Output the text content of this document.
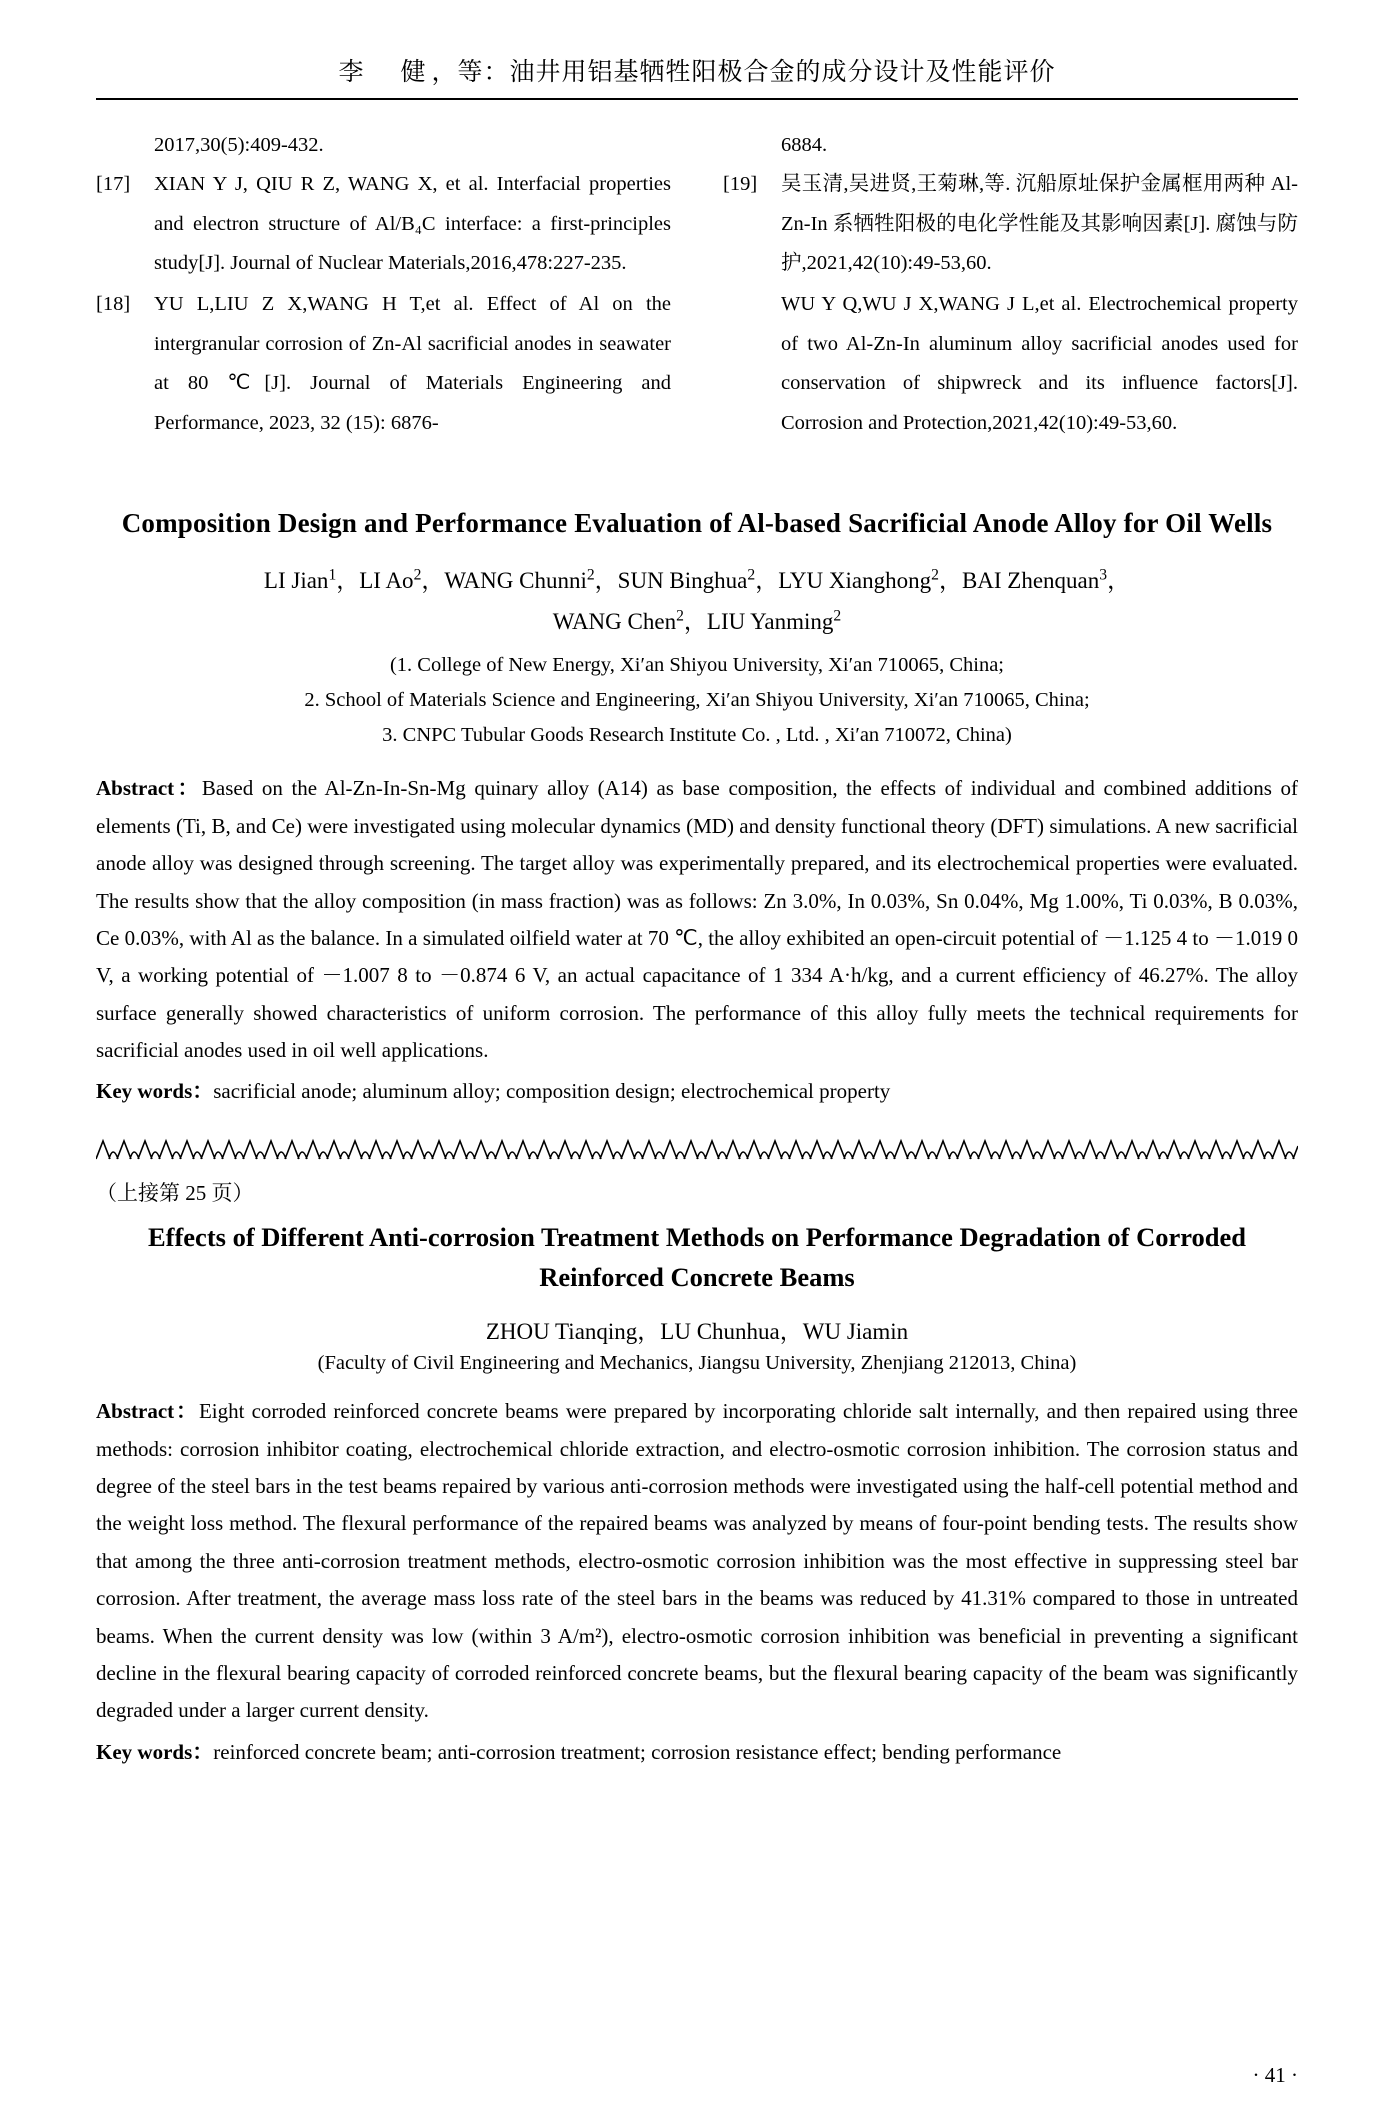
李　健，等：油井用铝基牺牲阳极合金的成分设计及性能评价
2017,30(5):409-432.
[17]	XIAN Y J, QIU R Z, WANG X, et al. Interfacial properties and electron structure of Al/B₄C interface: a first-principles study[J]. Journal of Nuclear Materials,2016,478:227-235.
[18]	YU L,LIU Z X,WANG H T,et al. Effect of Al on the intergranular corrosion of Zn-Al sacrificial anodes in seawater at 80 ℃[J]. Journal of Materials Engineering and Performance, 2023, 32 (15): 6876-
6884.
[19]	吴玉清,吴进贤,王菊琳,等. 沉船原址保护金属框用两种 Al-Zn-In 系牺牲阳极的电化学性能及其影响因素[J]. 腐蚀与防护,2021,42(10):49-53,60.
WU Y Q,WU J X,WANG J L,et al. Electrochemical property of two Al-Zn-In aluminum alloy sacrificial anodes used for conservation of shipwreck and its influence factors[J]. Corrosion and Protection,2021,42(10):49-53,60.
Composition Design and Performance Evaluation of Al-based Sacrificial Anode Alloy for Oil Wells
LI Jian$^1$，LI Ao$^2$，WANG Chunni$^2$，SUN Binghua$^2$，LYU Xianghong$^2$，BAI Zhenquan$^3$，
WANG Chen$^2$，LIU Yanming$^2$
(1. College of New Energy, Xi′an Shiyou University, Xi′an 710065, China;
2. School of Materials Science and Engineering, Xi′an Shiyou University, Xi′an 710065, China;
3. CNPC Tubular Goods Research Institute Co. , Ltd. , Xi′an 710072, China)
Abstract：Based on the Al-Zn-In-Sn-Mg quinary alloy (A14) as base composition, the effects of individual and combined additions of elements (Ti, B, and Ce) were investigated using molecular dynamics (MD) and density functional theory (DFT) simulations. A new sacrificial anode alloy was designed through screening. The target alloy was experimentally prepared, and its electrochemical properties were evaluated. The results show that the alloy composition (in mass fraction) was as follows: Zn 3.0%, In 0.03%, Sn 0.04%, Mg 1.00%, Ti 0.03%, B 0.03%, Ce 0.03%, with Al as the balance. In a simulated oilfield water at 70 ℃, the alloy exhibited an open-circuit potential of －1.125 4 to －1.019 0 V, a working potential of －1.007 8 to －0.874 6 V, an actual capacitance of 1 334 A·h/kg, and a current efficiency of 46.27%. The alloy surface generally showed characteristics of uniform corrosion. The performance of this alloy fully meets the technical requirements for sacrificial anodes used in oil well applications.
Key words：sacrificial anode; aluminum alloy; composition design; electrochemical property
（上接第 25 页）
Effects of Different Anti-corrosion Treatment Methods on Performance Degradation of Corroded Reinforced Concrete Beams
ZHOU Tianqing，LU Chunhua，WU Jiamin
(Faculty of Civil Engineering and Mechanics, Jiangsu University, Zhenjiang 212013, China)
Abstract：Eight corroded reinforced concrete beams were prepared by incorporating chloride salt internally, and then repaired using three methods: corrosion inhibitor coating, electrochemical chloride extraction, and electro-osmotic corrosion inhibition. The corrosion status and degree of the steel bars in the test beams repaired by various anti-corrosion methods were investigated using the half-cell potential method and the weight loss method. The flexural performance of the repaired beams was analyzed by means of four-point bending tests. The results show that among the three anti-corrosion treatment methods, electro-osmotic corrosion inhibition was the most effective in suppressing steel bar corrosion. After treatment, the average mass loss rate of the steel bars in the beams was reduced by 41.31% compared to those in untreated beams. When the current density was low (within 3 A/m²), electro-osmotic corrosion inhibition was beneficial in preventing a significant decline in the flexural bearing capacity of corroded reinforced concrete beams, but the flexural bearing capacity of the beam was significantly degraded under a larger current density.
Key words：reinforced concrete beam; anti-corrosion treatment; corrosion resistance effect; bending performance
· 41 ·
